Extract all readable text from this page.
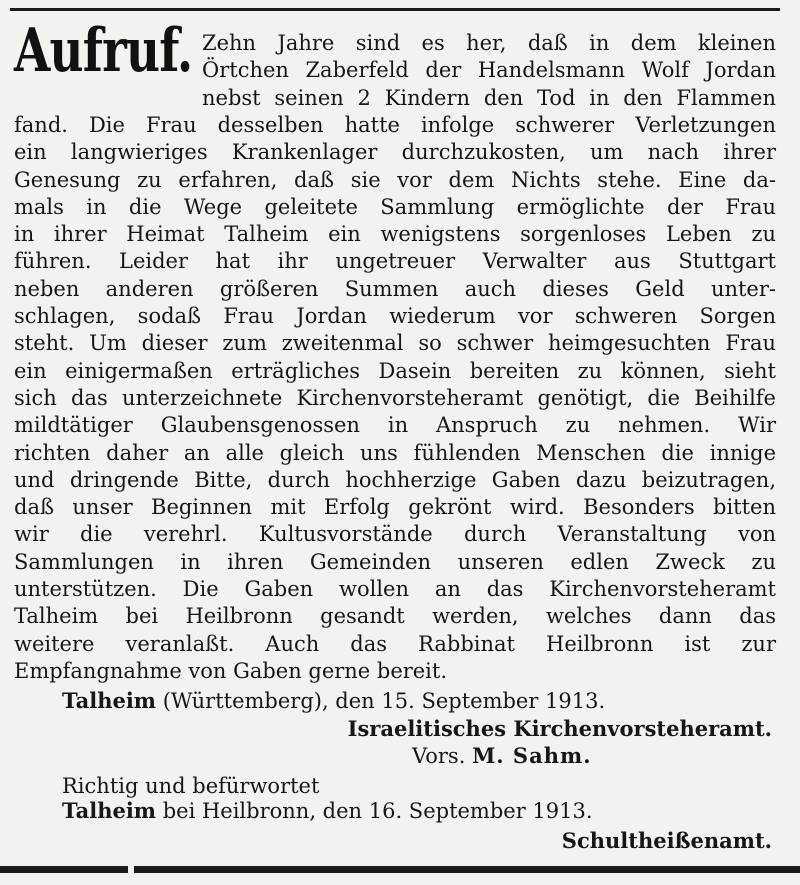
Aufruf. Zehn Jahre sind es her, daß in dem kleinen
Örtchen Zaberfeld der Handelsmann Wolf Jordan
nebst seinen 2 Kindern den Tod in den Flammen
fand. Die Frau desselben hatte infolge schwerer Verletzungen
ein langwieriges Krankenlager durchzukosten, um nach ihrer
Genesung zu erfahren, daß sie vor dem Nichts stehe. Eine da-
mals in die Wege geleitete Sammlung ermöglichte der Frau
in ihrer Heimat Talheim ein wenigstens sorgenloses Leben zu
führen. Leider hat ihr ungetreuer Verwalter aus Stuttgart
neben anderen größeren Summen auch dieses Geld unter-
schlagen, sodaß Frau Jordan wiederum vor schweren Sorgen
steht. Um dieser zum zweitenmal so schwer heimgesuchten Frau
ein einigermaßen erträgliches Dasein bereiten zu können, sieht
sich das unterzeichnete Kirchenvorsteheramt genötigt, die Beihilfe
mildtätiger Glaubensgenossen in Anspruch zu nehmen. Wir
richten daher an alle gleich uns fühlenden Menschen die innige
und dringende Bitte, durch hochherzige Gaben dazu beizutragen,
daß unser Beginnen mit Erfolg gekrönt wird. Besonders bitten
wir die verehrl. Kultusvorstände durch Veranstaltung von
Sammlungen in ihren Gemeinden unseren edlen Zweck zu
unterstützen. Die Gaben wollen an das Kirchenvorsteheramt
Talheim bei Heilbronn gesandt werden, welches dann das
weitere veranlaßt. Auch das Rabbinat Heilbronn ist zur
Empfangnahme von Gaben gerne bereit.
Talheim (Württemberg), den 15. September 1913.
Israelitisches Kirchenvorsteheramt.
Vors. M. Sahm.
Richtig und befürwortet
Talheim bei Heilbronn, den 16. September 1913.
Schultheißenamt.
